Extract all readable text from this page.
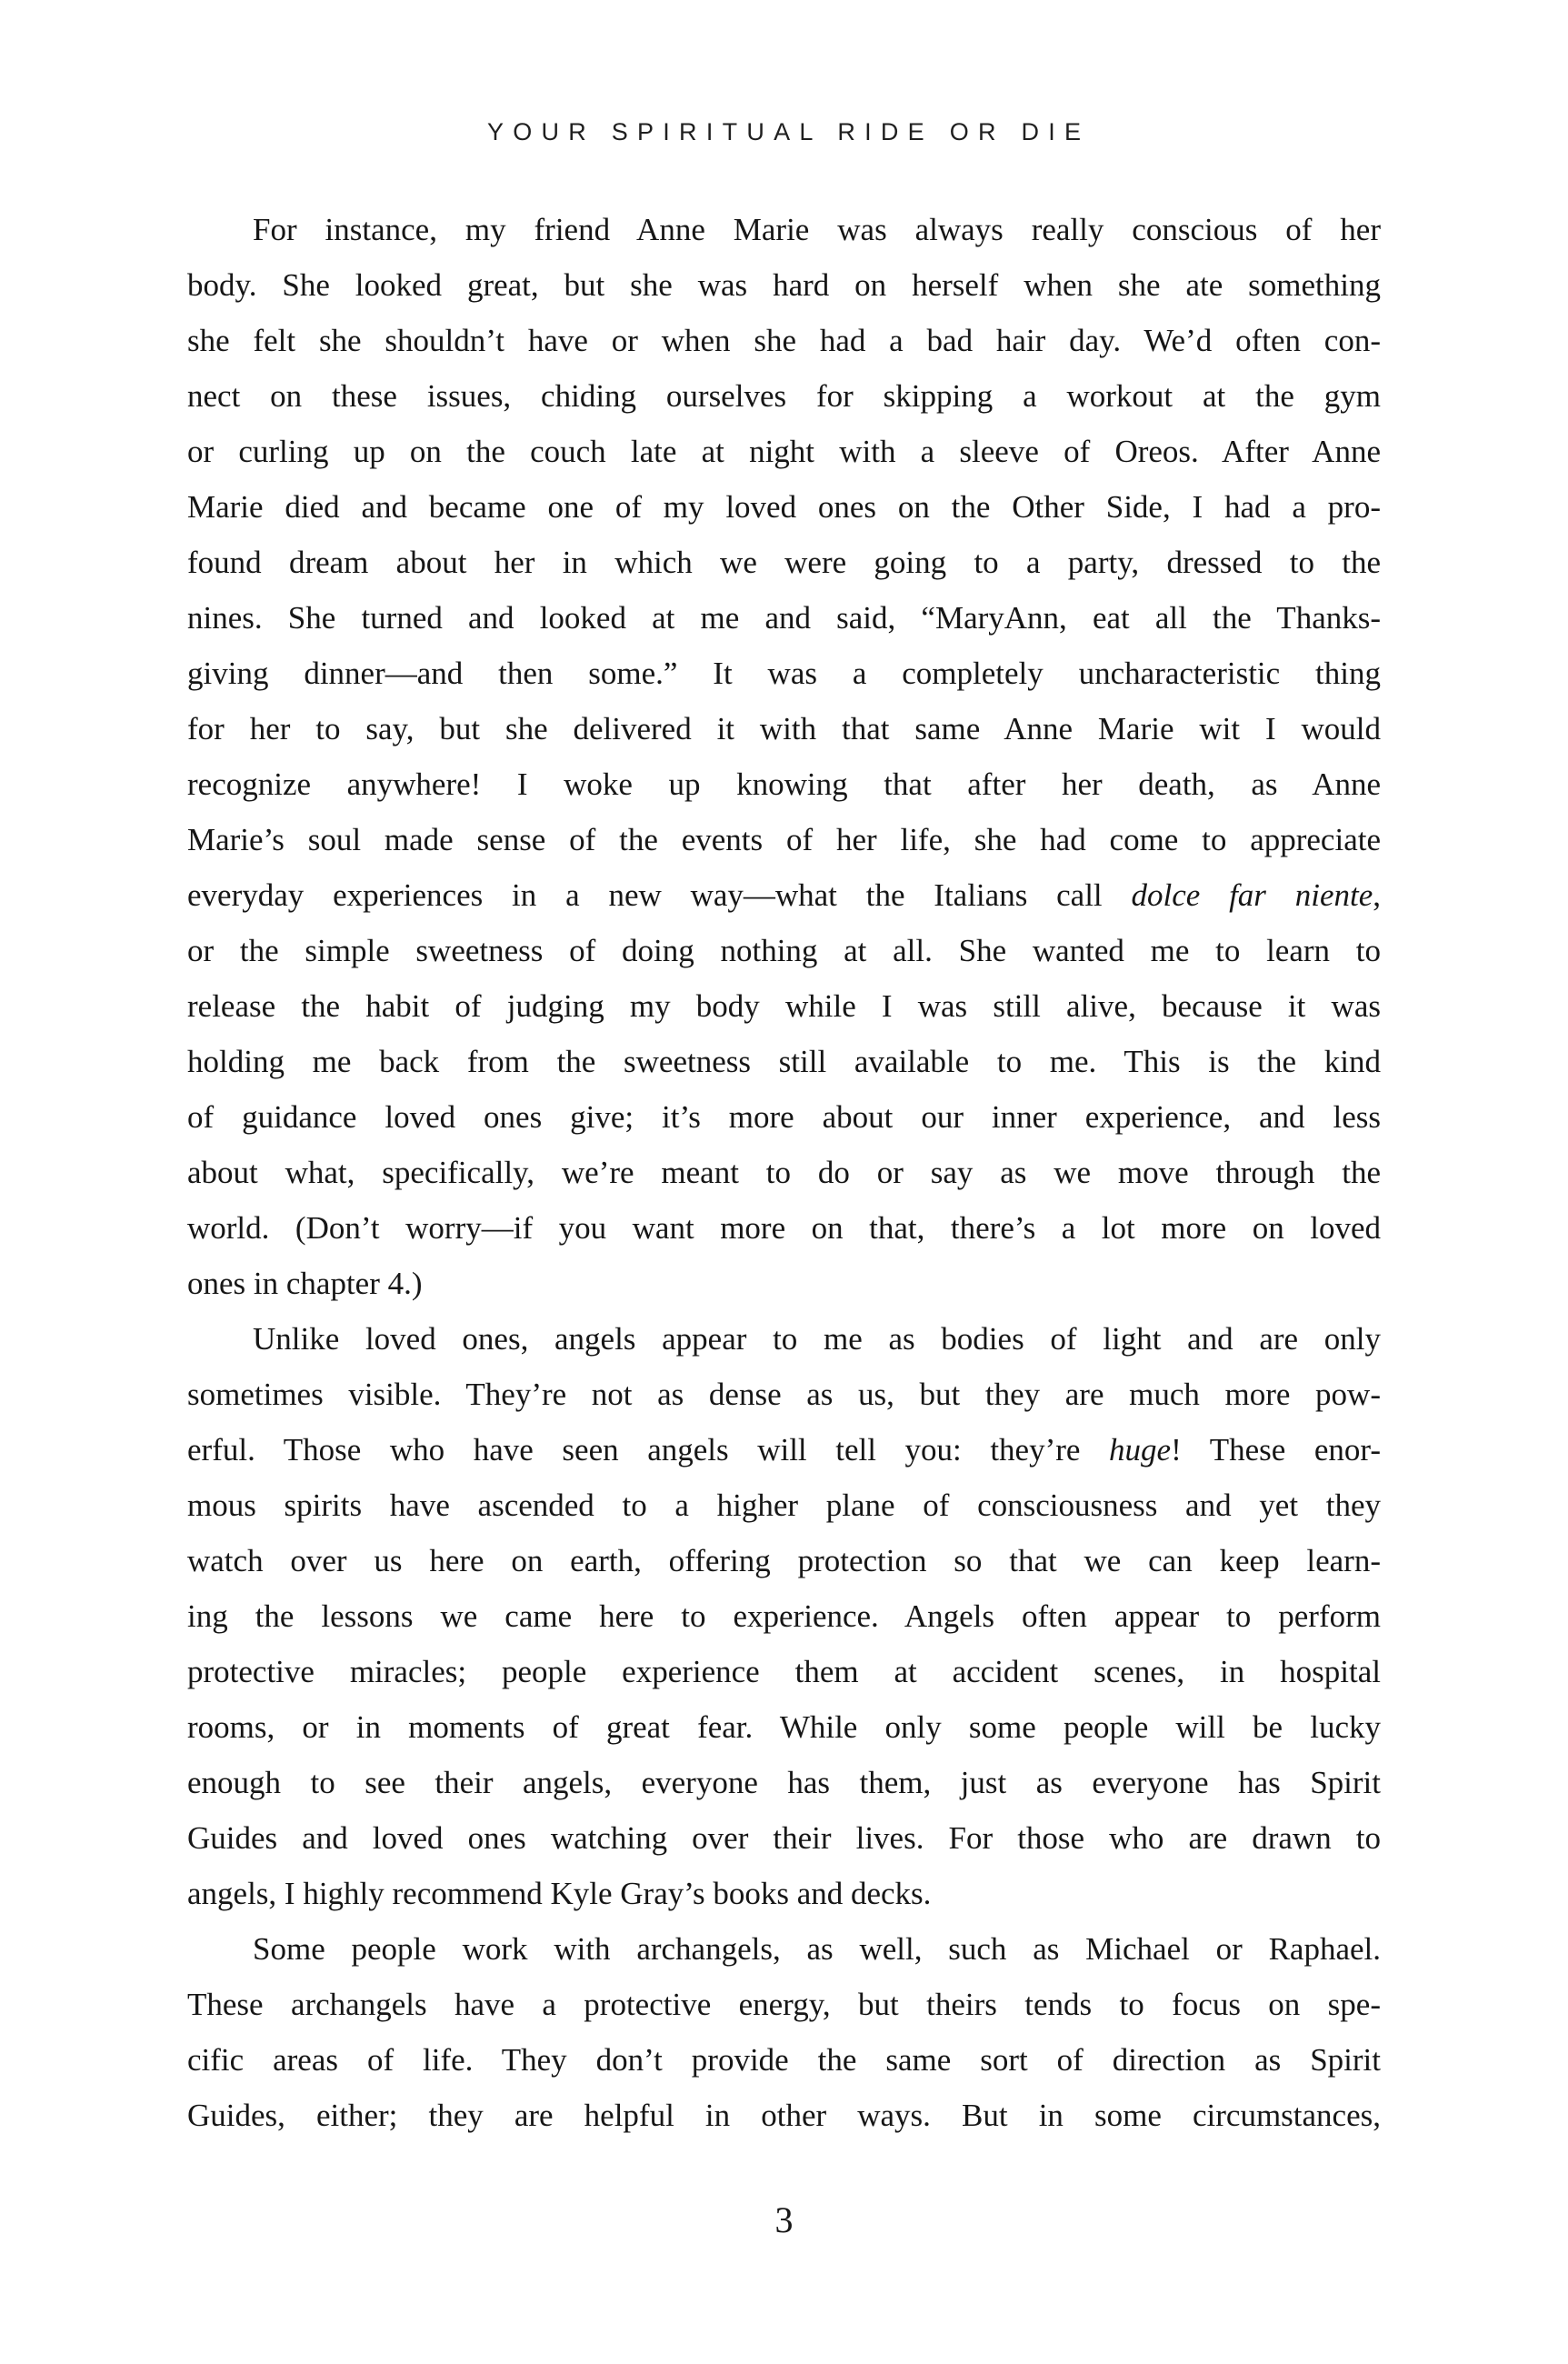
YOUR SPIRITUAL RIDE OR DIE
For instance, my friend Anne Marie was always really conscious of her
body. She looked great, but she was hard on herself when she ate something
she felt she shouldn’t have or when she had a bad hair day. We’d often con-
nect on these issues, chiding ourselves for skipping a workout at the gym
or curling up on the couch late at night with a sleeve of Oreos. After Anne
Marie died and became one of my loved ones on the Other Side, I had a pro-
found dream about her in which we were going to a party, dressed to the
nines. She turned and looked at me and said, “MaryAnn, eat all the Thanks-
giving dinner—and then some.” It was a completely uncharacteristic thing
for her to say, but she delivered it with that same Anne Marie wit I would
recognize anywhere! I woke up knowing that after her death, as Anne
Marie’s soul made sense of the events of her life, she had come to appreciate
everyday experiences in a new way—what the Italians call dolce far niente,
or the simple sweetness of doing nothing at all. She wanted me to learn to
release the habit of judging my body while I was still alive, because it was
holding me back from the sweetness still available to me. This is the kind
of guidance loved ones give; it’s more about our inner experience, and less
about what, specifically, we’re meant to do or say as we move through the
world. (Don’t worry—if you want more on that, there’s a lot more on loved
ones in chapter 4.)
Unlike loved ones, angels appear to me as bodies of light and are only
sometimes visible. They’re not as dense as us, but they are much more pow-
erful. Those who have seen angels will tell you: they’re huge! These enor-
mous spirits have ascended to a higher plane of consciousness and yet they
watch over us here on earth, offering protection so that we can keep learn-
ing the lessons we came here to experience. Angels often appear to perform
protective miracles; people experience them at accident scenes, in hospital
rooms, or in moments of great fear. While only some people will be lucky
enough to see their angels, everyone has them, just as everyone has Spirit
Guides and loved ones watching over their lives. For those who are drawn to
angels, I highly recommend Kyle Gray’s books and decks.
Some people work with archangels, as well, such as Michael or Raphael.
These archangels have a protective energy, but theirs tends to focus on spe-
cific areas of life. They don’t provide the same sort of direction as Spirit
Guides, either; they are helpful in other ways. But in some circumstances,
3
